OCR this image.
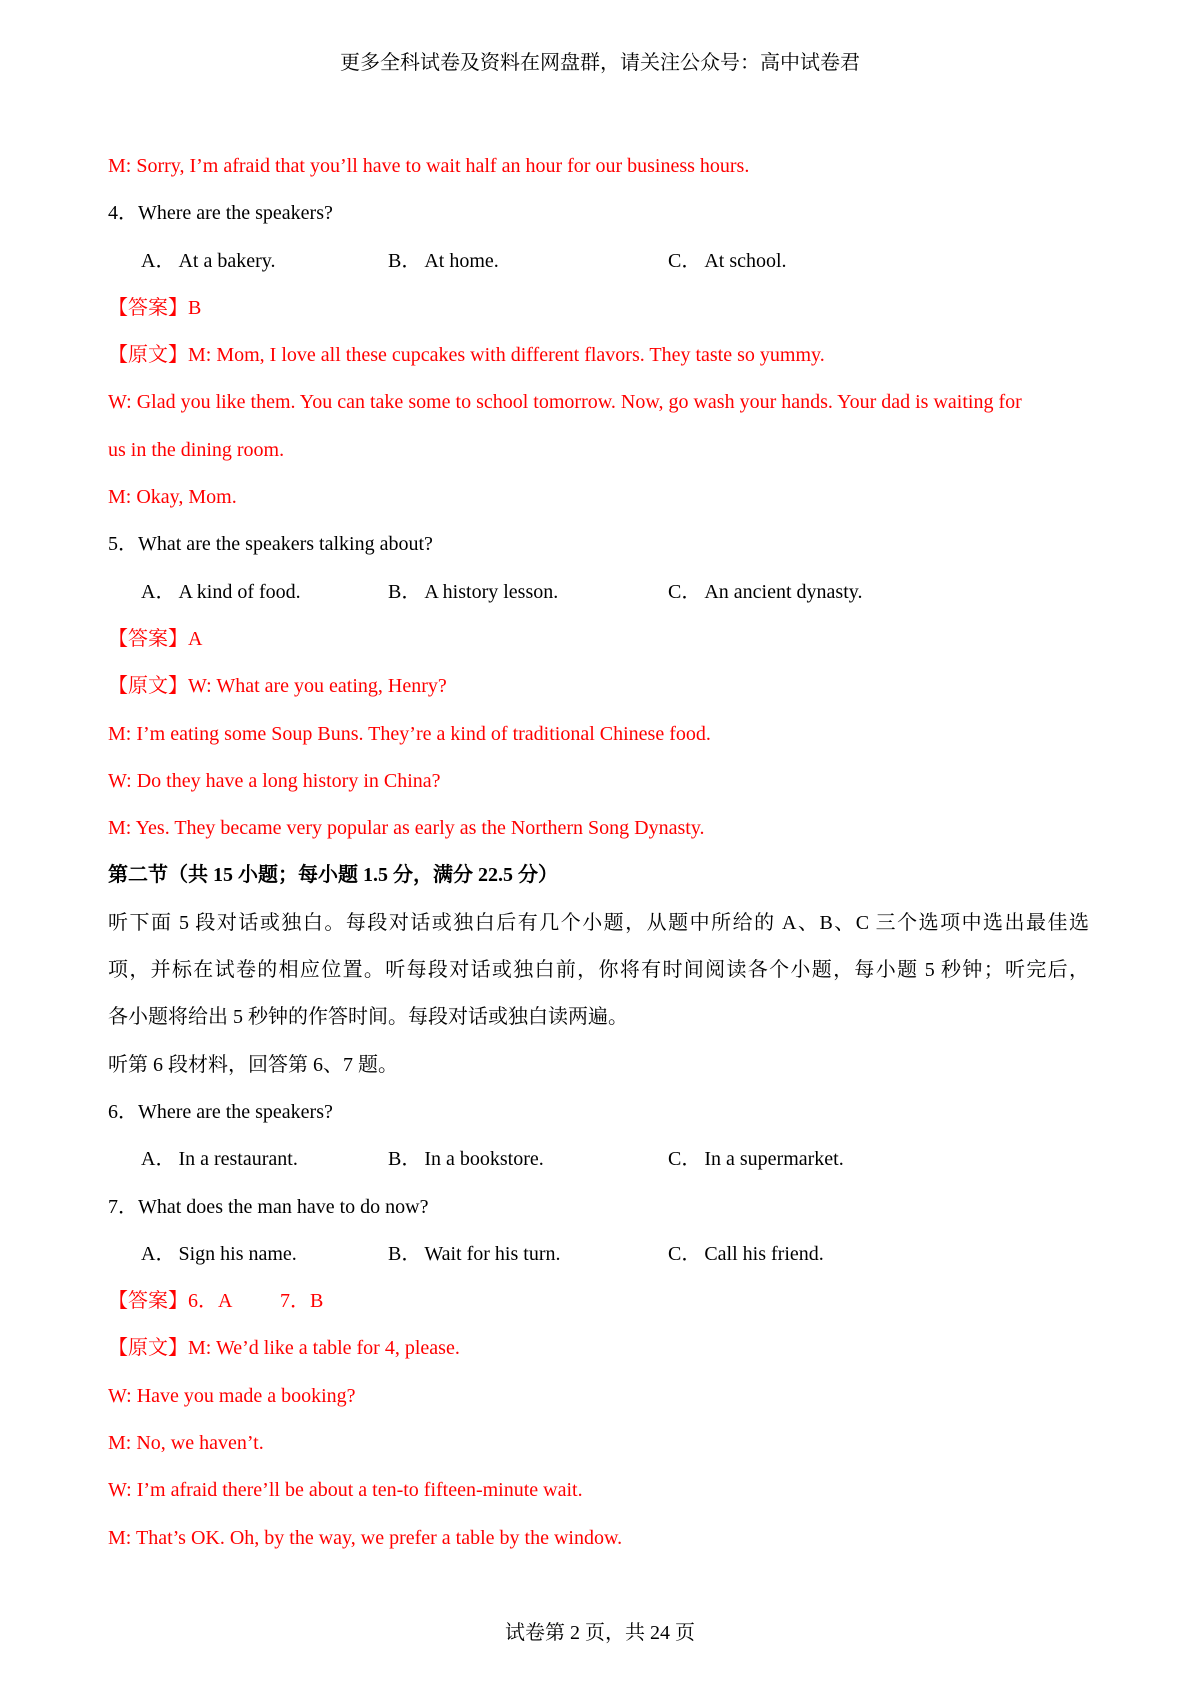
更多全科试卷及资料在网盘群，请关注公众号：高中试卷君
M: Sorry, I’m afraid that you’ll have to wait half an hour for our business hours.
4．Where are the speakers?
A． At a bakery.	B． At home.	C． At school.
【答案】B
【原文】M: Mom, I love all these cupcakes with different flavors. They taste so yummy.
W: Glad you like them. You can take some to school tomorrow. Now, go wash your hands. Your dad is waiting for
us in the dining room.
M: Okay, Mom.
5．What are the speakers talking about?
A． A kind of food.	B． A history lesson.	C． An ancient dynasty.
【答案】A
【原文】W: What are you eating, Henry?
M: I’m eating some Soup Buns. They’re a kind of traditional Chinese food.
W: Do they have a long history in China?
M: Yes. They became very popular as early as the Northern Song Dynasty.
第二节（共 15 小题；每小题 1.5 分，满分 22.5 分）
听下面 5 段对话或独白。每段对话或独白后有几个小题，从题中所给的 A、B、C 三个选项中选出最佳选
项，并标在试卷的相应位置。听每段对话或独白前，你将有时间阅读各个小题，每小题 5 秒钟；听完后，
各小题将给出 5 秒钟的作答时间。每段对话或独白读两遍。
听第 6 段材料，回答第 6、7 题。
6．Where are the speakers?
A． In a restaurant.	B． In a bookstore.	C． In a supermarket.
7．What does the man have to do now?
A． Sign his name.	B． Wait for his turn.	C． Call his friend.
【答案】6．A 7．B
【原文】M: We’d like a table for 4, please.
W: Have you made a booking?
M: No, we haven’t.
W: I’m afraid there’ll be about a ten-to fifteen-minute wait.
M: That’s OK. Oh, by the way, we prefer a table by the window.
试卷第 2 页，共 24 页
